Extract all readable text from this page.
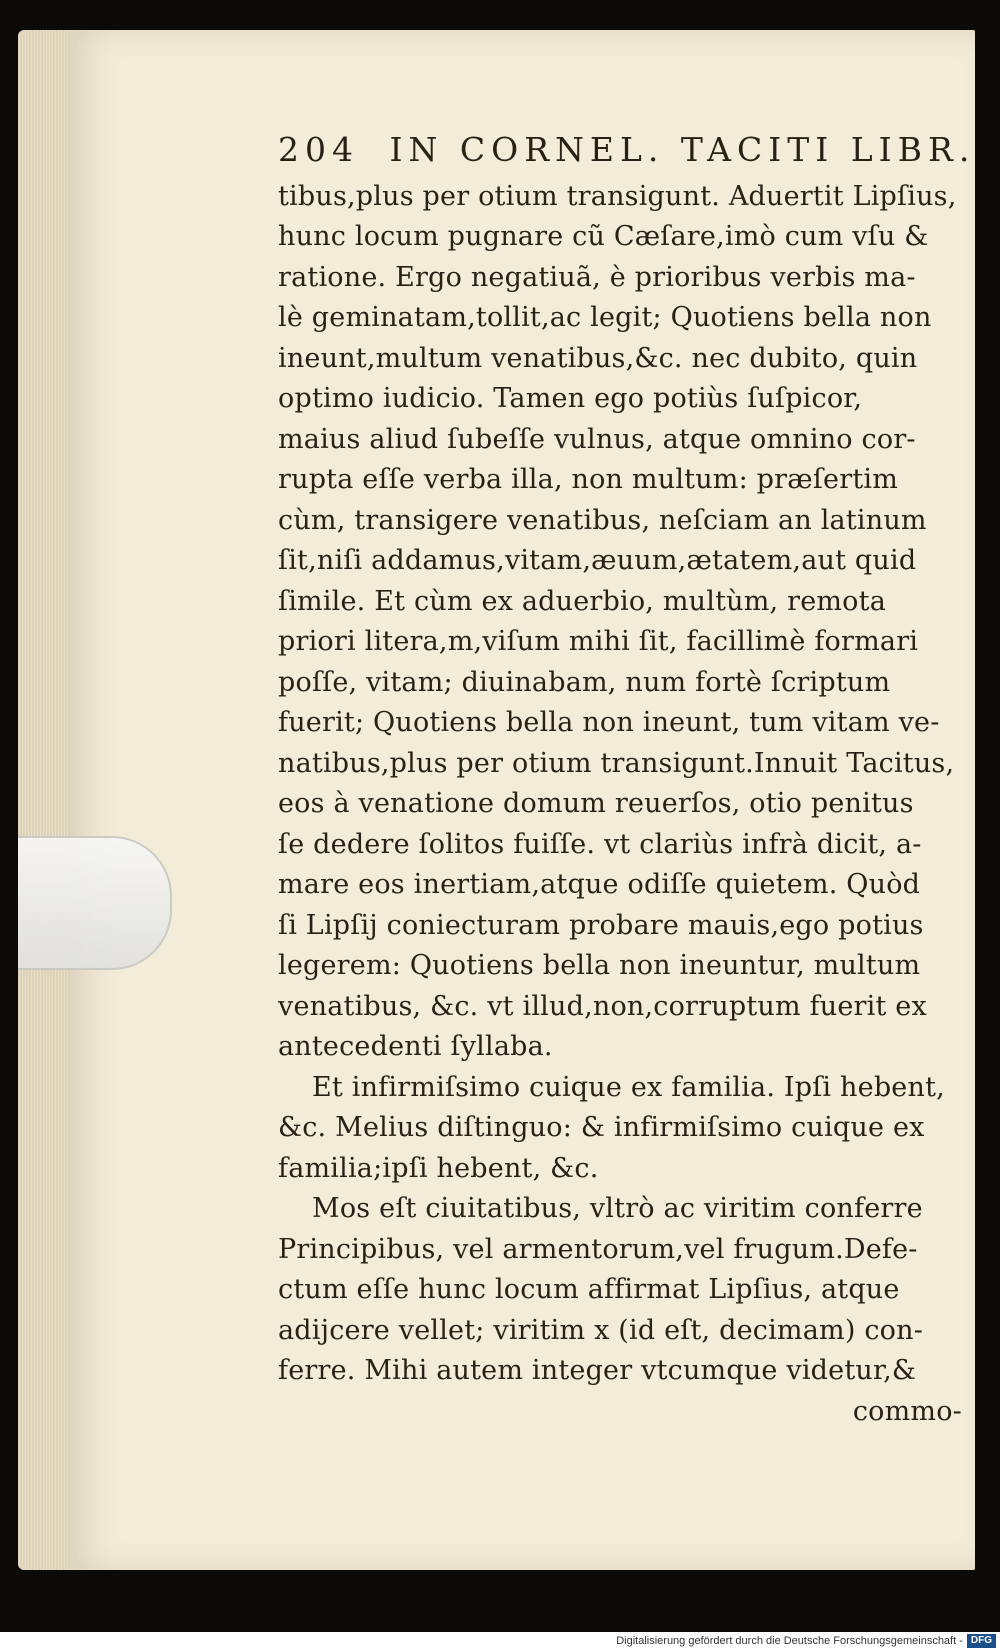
204 IN CORNEL. TACITI LIBR.
tibus,plus per otium transigunt. Aduertit Lipſius,
hunc locum pugnare cũ Cæſare,imò cum vſu &
ratione. Ergo negatiuã, è prioribus verbis ma-
lè geminatam,tollit,ac legit; Quotiens bella non
ineunt,multum venatibus,&c. nec dubito, quin
optimo iudicio. Tamen ego potiùs ſuſpicor,
maius aliud ſubeſſe vulnus, atque omnino cor-
rupta eſſe verba illa, non multum: præſertim
cùm, transigere venatibus, neſciam an latinum
ſit,niſi addamus,vitam,æuum,ætatem,aut quid
ſimile. Et cùm ex aduerbio, multùm, remota
priori litera,m,viſum mihi ſit, facillimè formari
poſſe, vitam; diuinabam, num fortè ſcriptum
fuerit; Quotiens bella non ineunt, tum vitam ve-
natibus,plus per otium transigunt.Innuit Tacitus,
eos à venatione domum reuerſos, otio penitus
ſe dedere ſolitos fuiſſe. vt clariùs infrà dicit, a-
mare eos inertiam,atque odiſſe quietem. Quòd
ſi Lipſij coniecturam probare mauis,ego potius
legerem: Quotiens bella non ineuntur, multum
venatibus, &c. vt illud,non,corruptum fuerit ex
antecedenti ſyllaba.
Et infirmiſsimo cuique ex familia. Ipſi hebent,
&c. Melius diſtinguo: & infirmiſsimo cuique ex
familia;ipſi hebent, &c.
Mos eſt ciuitatibus, vltrò ac viritim conferre
Principibus, vel armentorum,vel frugum.Defe-
ctum eſſe hunc locum affirmat Lipſius, atque
adijcere vellet; viritim x (id eſt, decimam) con-
ferre. Mihi autem integer vtcumque videtur,&
commo-
Digitalisierung gefördert durch die Deutsche Forschungsgemeinschaft - DFG
